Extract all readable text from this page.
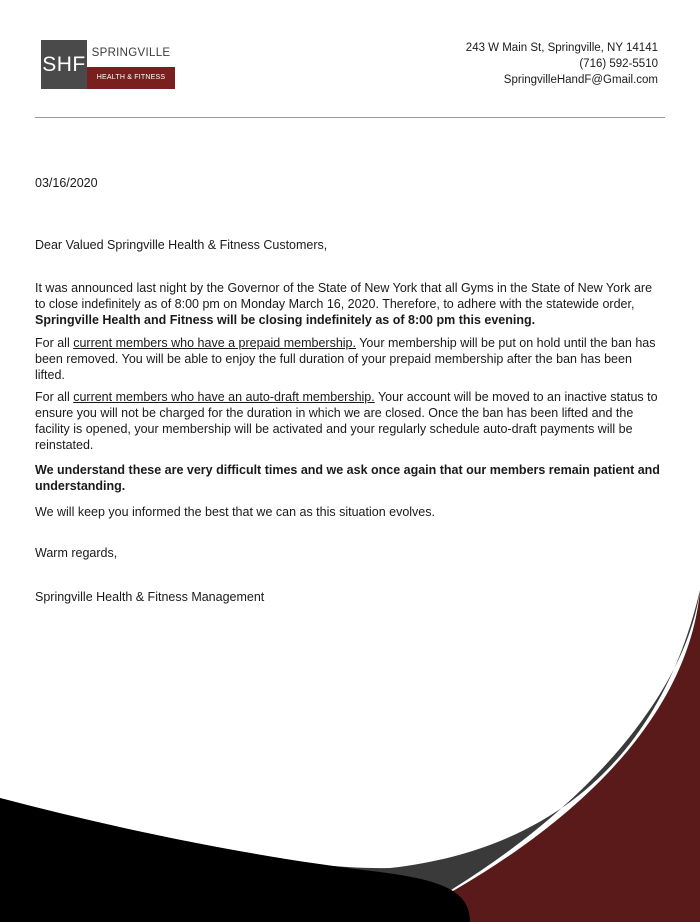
SHF SPRINGVILLE
HEALTH & FITNESS
243 W Main St, Springville, NY 14141
(716) 592-5510
SpringvilleHandF@Gmail.com

03/16/2020

Dear Valued Springville Health & Fitness Customers,

It was announced last night by the Governor of the State of New York that all Gyms in the State of New York are to close indefinitely as of 8:00 pm on Monday March 16, 2020. Therefore, to adhere with the statewide order, Springville Health and Fitness will be closing indefinitely as of 8:00 pm this evening.

For all current members who have a prepaid membership. Your membership will be put on hold until the ban has been removed. You will be able to enjoy the full duration of your prepaid membership after the ban has been lifted.

For all current members who have an auto-draft membership. Your account will be moved to an inactive status to ensure you will not be charged for the duration in which we are closed. Once the ban has been lifted and the facility is opened, your membership will be activated and your regularly schedule auto-draft payments will be reinstated.

We understand these are very difficult times and we ask once again that our members remain patient and understanding.

We will keep you informed the best that we can as this situation evolves.

Warm regards,

Springville Health & Fitness Management
